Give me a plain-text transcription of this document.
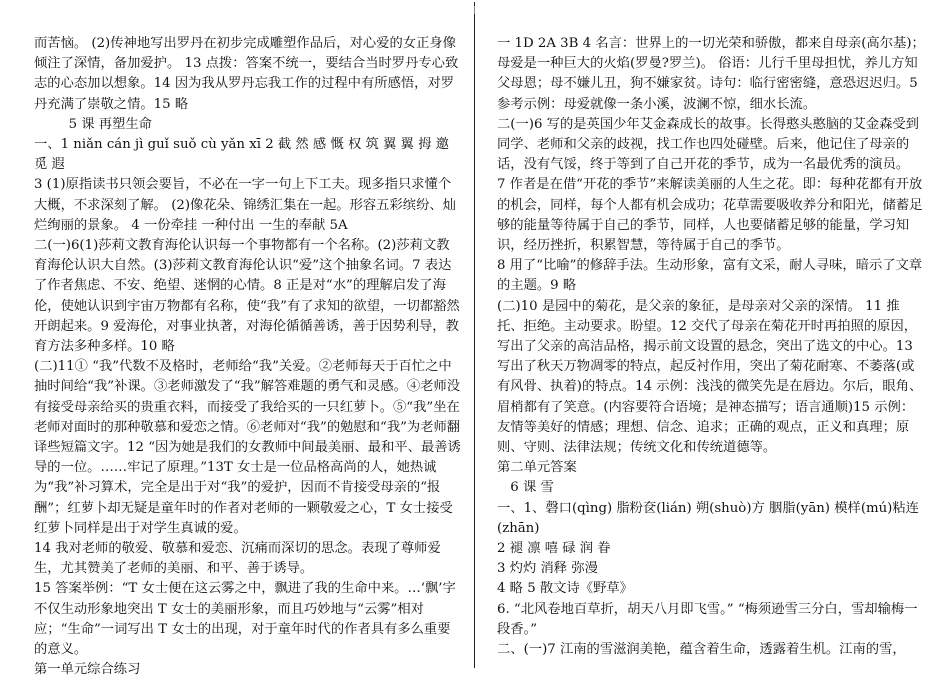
而苦恼。 (2)传神地写出罗丹在初步完成雕塑作品后，对心爱的女正身像倾注了深情，备加爱护。 13 点拨：答案不统一，要结合当时罗丹专心致志的心态加以想象。14 因为我从罗丹忘我工作的过程中有所感悟，对罗丹充满了崇敬之情。15 略

5 课 再塑生命

一、1 niǎn cán jì guǐ suǒ cù yǎn xī 2 截 然 感 慨 权 筑 翼 翼 拇 邀 觅 遐

3 (1)原指读书只领会要旨，不必在一字一句上下工夫。现多指只求懂个大概，不求深刻了解。 (2)像花朵、锦绣汇集在一起。形容五彩缤纷、灿烂绚丽的景象。 4 一份牵挂 一种付出 一生的奉献 5A

二(一)6(1)莎莉文教育海伦认识每一个事物都有一个名称。(2)莎莉文教育海伦认识大自然。(3)莎莉文教育海伦认识“爱”这个抽象名词。7 表达了作者焦虑、不安、绝望、迷惘的心情。8 正是对“水”的理解启发了海伦，使她认识到宇宙万物都有名称，使“我”有了求知的欲望，一切都豁然开朗起来。9 爱海伦，对事业执著，对海伦循循善诱，善于因势利导，教育方法多种多样。10 略

(二)11① “我”代数不及格时，老师给“我”关爱。②老师每天于百忙之中抽时间给“我”补课。③老师激发了“我”解答难题的勇气和灵感。④老师没有接受母亲给买的贵重衣料，而接受了我给买的一只红萝卜。⑤“我”坐在老师对面时的那种敬慕和爱恋之情。⑥老师对“我”的勉慰和“我”为老师翻译些短篇文字。12 “因为她是我们的女教师中间最美丽、最和平、最善诱导的一位。……牢记了原理。”13T 女士是一位品格高尚的人，她热诚为“我”补习算术，完全是出于对“我”的爱护，因而不肯接受母亲的“报酬”；红萝卜却无疑是童年时的作者对老师的一颗敬爱之心，T 女士接受红萝卜同样是出于对学生真诚的爱。

14 我对老师的敬爱、敬慕和爱恋、沉痛而深切的思念。表现了尊师爱生，尤其赞美了老师的美丽、和平、善于诱导。

15 答案举例：“T 女士便在这云雾之中，飘进了我的生命中来。…‘飘’字不仅生动形象地突出 T 女士的美丽形象，而且巧妙地与“云雾”相对应；“生命”一词写出 T 女士的出现，对于童年时代的作者具有多么重要的意义。

第一单元综合练习

一 1D 2A 3B 4 名言：世界上的一切光荣和骄傲，都来自母亲(高尔基)；母爱是一种巨大的火焰(罗曼?罗兰)。 俗语：儿行千里母担忧，养儿方知父母恩；母不嫌儿丑，狗不嫌家贫。诗句：临行密密缝，意恐迟迟归。5 参考示例：母爱就像一条小溪，波澜不惊，细水长流。

二(一)6 写的是英国少年艾金森成长的故事。长得憨头憨脑的艾金森受到同学、老师和父亲的歧视，找工作也四处碰壁。后来，他记住了母亲的话，没有气馁，终于等到了自己开花的季节，成为一名最优秀的演员。

7 作者是在借“开花的季节”来解读美丽的人生之花。即：每种花都有开放的机会，同样，每个人都有机会成功；花草需要吸收养分和阳光，储蓄足够的能量等待属于自己的季节，同样，人也要储蓄足够的能量，学习知识，经历挫折，积累智慧，等待属于自己的季节。

8 用了“比喻”的修辞手法。生动形象，富有文采，耐人寻味，暗示了文章的主题。9 略

(二)10 是园中的菊花，是父亲的象征，是母亲对父亲的深情。 11 推托、拒绝。主动要求。盼望。12 交代了母亲在菊花开时再拍照的原因，写出了父亲的高洁品格，揭示前文设置的悬念，突出了选文的中心。13 写出了秋天万物凋零的特点，起反衬作用，突出了菊花耐寒、不萎落(或有风骨、执着)的特点。14 示例：浅浅的微笑先是在唇边。尔后，眼角、眉梢都有了笑意。(内容要符合语境；是神态描写；语言通顺)15 示例：友情等美好的情感；理想、信念、追求；正确的观点，正义和真理；原则、守则、法律法规；传统文化和传统道德等。

第二单元答案

6 课 雪

一、1、磬口(qìng) 脂粉奁(lián) 朔(shuò)方 胭脂(yān) 模样(mú)粘连(zhān)

2 褪 凛 嘻 碌 润 眷

3 灼灼 消释 弥漫

4 略 5 散文诗《野草》

6. “北风卷地百草折，胡天八月即飞雪。” “梅须逊雪三分白，雪却输梅一段香。”

二、(一)7 江南的雪滋润美艳，蕴含着生命，透露着生机。江南的雪，
